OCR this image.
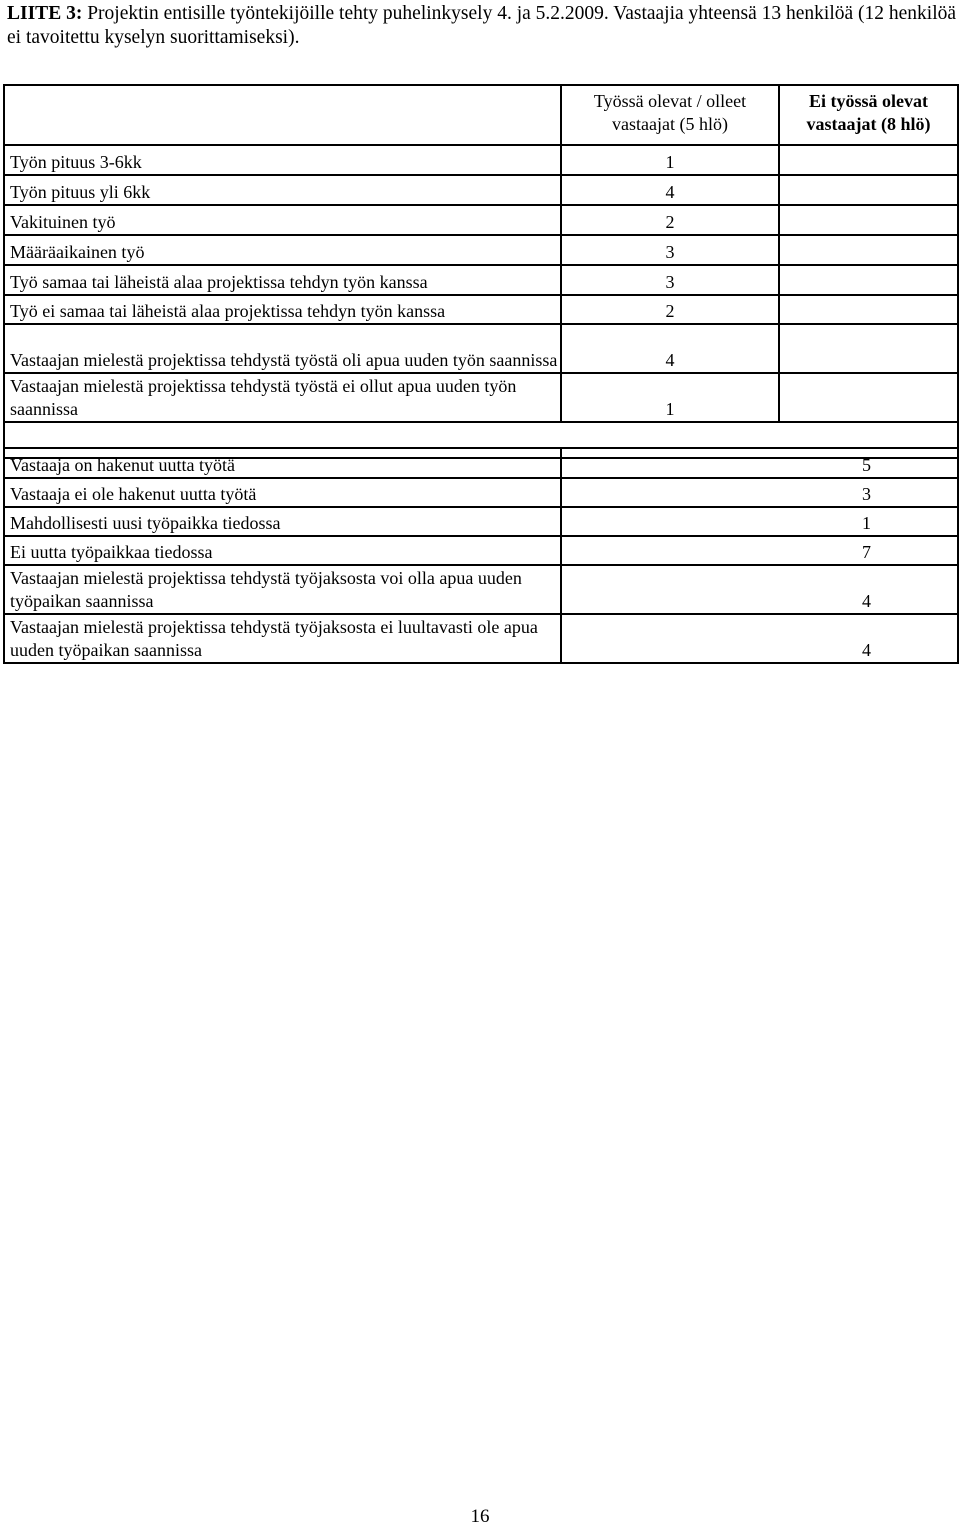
LIITE 3: Projektin entisille työntekijöille tehty puhelinkysely 4. ja 5.2.2009. Vastaajia yhteensä 13 henkilöä (12 henkilöä ei tavoitettu kyselyn suorittamiseksi).
	Työssä olevat / olleet vastaajat (5 hlö)	Ei työssä olevat vastaajat (8 hlö)
Työn pituus 3-6kk	1	
Työn pituus yli 6kk	4	
Vakituinen työ	2	
Määräaikainen työ	3	
Työ samaa tai läheistä alaa projektissa tehdyn työn kanssa	3	
Työ ei samaa tai läheistä alaa projektissa tehdyn työn kanssa	2	
Vastaajan mielestä projektissa tehdystä työstä oli apua uuden työn saannissa	4	
Vastaajan mielestä projektissa tehdystä työstä ei ollut apua uuden työn saannissa	1	

Vastaaja on hakenut uutta työtä	5
Vastaaja ei ole hakenut uutta työtä	3
Mahdollisesti uusi työpaikka tiedossa	1
Ei uutta työpaikkaa tiedossa	7
Vastaajan mielestä projektissa tehdystä työjaksosta voi olla apua uuden työpaikan saannissa	4
Vastaajan mielestä projektissa tehdystä työjaksosta ei luultavasti ole apua uuden työpaikan saannissa	4
16
